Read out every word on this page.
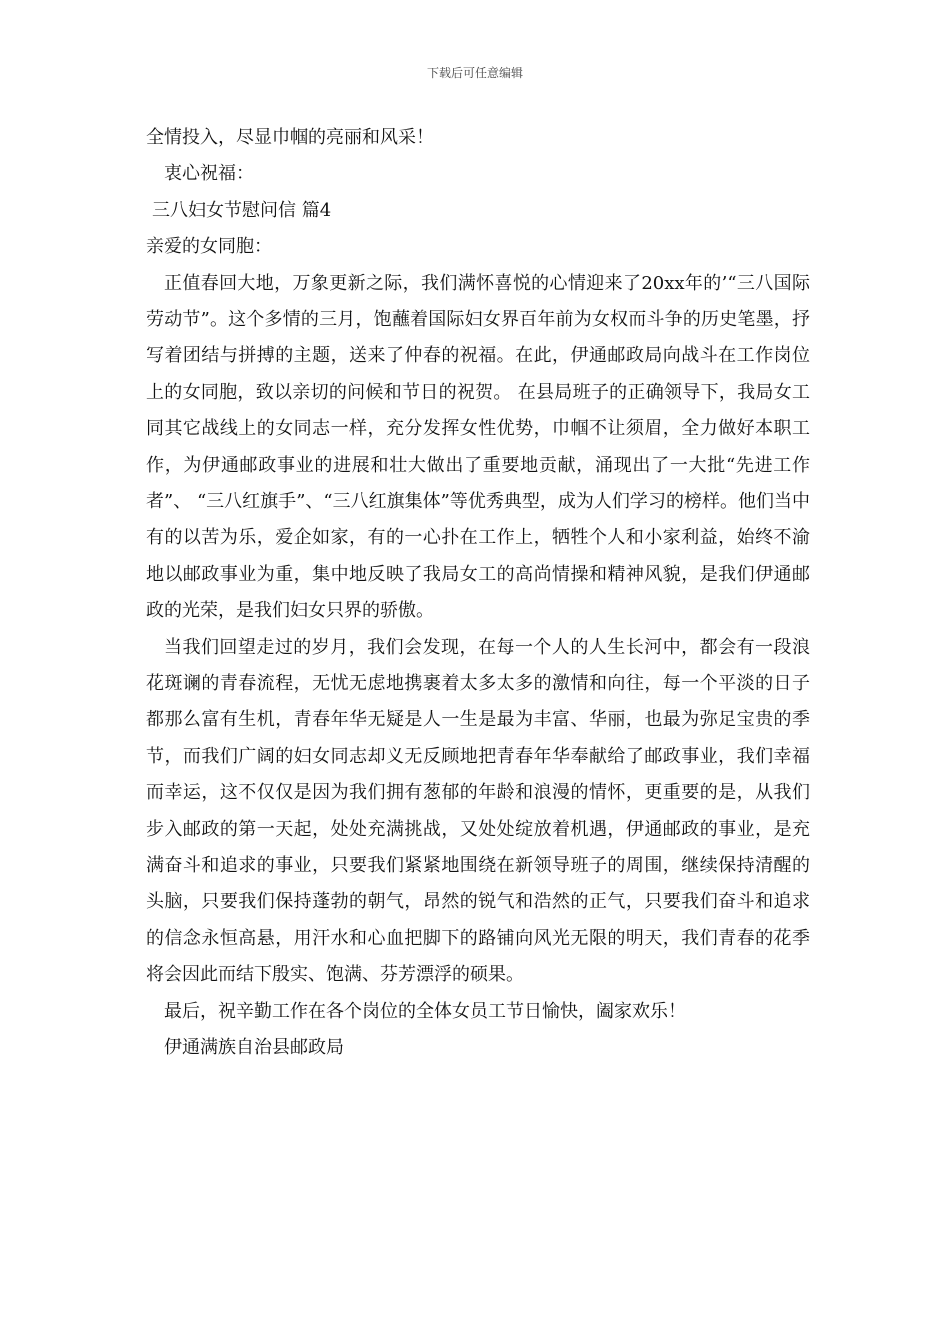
下载后可任意编辑
全情投入，尽显巾帼的亮丽和风采！
衷心祝福：
三八妇女节慰问信 篇4
亲爱的女同胞：
正值春回大地，万象更新之际，我们满怀喜悦的心情迎来了20xx年的’“三八国际劳动节”。这个多情的三月，饱蘸着国际妇女界百年前为女权而斗争的历史笔墨，抒写着团结与拼搏的主题，送来了仲春的祝福。在此，伊通邮政局向战斗在工作岗位上的女同胞，致以亲切的问候和节日的祝贺。 在县局班子的正确领导下，我局女工同其它战线上的女同志一样，充分发挥女性优势，巾帼不让须眉，全力做好本职工作，为伊通邮政事业的进展和壮大做出了重要地贡献，涌现出了一大批“先进工作者”、 “三八红旗手”、“三八红旗集体”等优秀典型，成为人们学习的榜样。他们当中有的以苦为乐，爱企如家，有的一心扑在工作上，牺牲个人和小家利益，始终不渝地以邮政事业为重，集中地反映了我局女工的高尚情操和精神风貌，是我们伊通邮政的光荣，是我们妇女只界的骄傲。
当我们回望走过的岁月，我们会发现，在每一个人的人生长河中，都会有一段浪花斑谰的青春流程，无忧无虑地携裹着太多太多的激情和向往，每一个平淡的日子都那么富有生机，青春年华无疑是人一生是最为丰富、华丽，也最为弥足宝贵的季节，而我们广阔的妇女同志却义无反顾地把青春年华奉献给了邮政事业，我们幸福而幸运，这不仅仅是因为我们拥有葱郁的年龄和浪漫的情怀，更重要的是，从我们步入邮政的第一天起，处处充满挑战，又处处绽放着机遇，伊通邮政的事业，是充满奋斗和追求的事业，只要我们紧紧地围绕在新领导班子的周围，继续保持清醒的头脑，只要我们保持蓬勃的朝气，昂然的锐气和浩然的正气，只要我们奋斗和追求的信念永恒高悬，用汗水和心血把脚下的路铺向风光无限的明天，我们青春的花季将会因此而结下殷实、饱满、芬芳漂浮的硕果。
最后，祝辛勤工作在各个岗位的全体女员工节日愉快，阖家欢乐！
伊通满族自治县邮政局
